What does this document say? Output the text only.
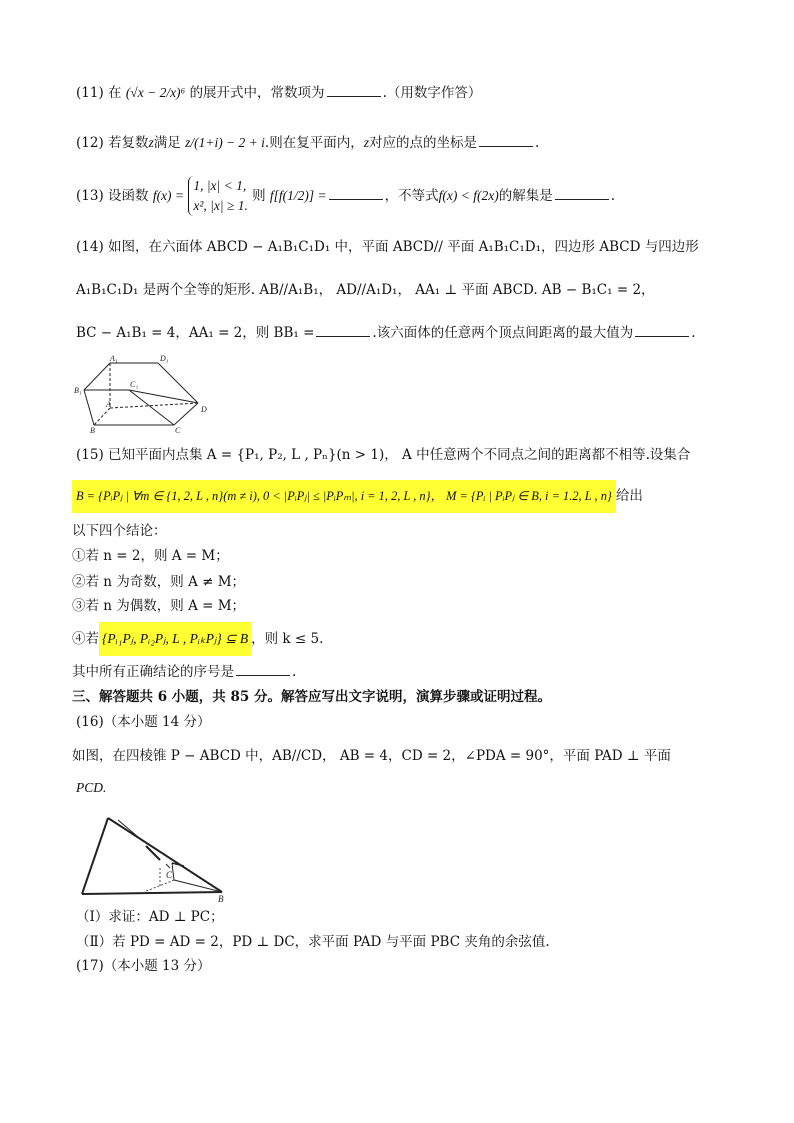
(11) 在 (√x − 2/x)⁶ 的展开式中，常数项为	.（用数字作答）
(12) 若复数z满足 z/(1+i) − 2 + i.则在复平面内，z对应的点的坐标是	.
(13) 设函数 f(x) =
1, |x| < 1,
x², |x| ≥ 1.
则 f[f(1/2)] =	，不等式f(x) < f(2x)的解集是	.
(14) 如图，在六面体 ABCD − A₁B₁C₁D₁ 中，平面 ABCD// 平面 A₁B₁C₁D₁，四边形 ABCD 与四边形
A₁B₁C₁D₁ 是两个全等的矩形. AB//A₁B₁， AD//A₁D₁， AA₁ ⊥ 平面 ABCD. AB − B₁C₁ = 2，
BC − A₁B₁ = 4，AA₁ = 2，则 BB₁ =	.该六面体的任意两个顶点间距离的最大值为	.
A₁	D₁
C₁
B₁
A
D
B	C
(15) 已知平面内点集 A = {P₁, P₂, L , Pₙ}(n > 1)， A 中任意两个不同点之间的距离都不相等.设集合
B = {PᵢPⱼ | ∀m ∈ {1, 2, L , n}(m ≠ i), 0 < |PᵢPⱼ| ≤ |PᵢPₘ|, i = 1, 2, L , n}， M = {Pᵢ | PᵢPⱼ ∈ B, i = 1.2, L , n} 给出
以下四个结论：
①若 n = 2，则 A = M；
②若 n 为奇数，则 A ≠ M；
③若 n 为偶数，则 A = M；
④若 {Pᵢ₁Pⱼ, Pᵢ₂Pⱼ, L , PᵢₖPⱼ} ⊆ B ，则 k ≤ 5.
其中所有正确结论的序号是	.
三、解答题共 6 小题，共 85 分。解答应写出文字说明，演算步骤或证明过程。
(16)（本小题 14 分）
如图，在四棱锥 P − ABCD 中，AB//CD， AB = 4，CD = 2，∠PDA = 90°，平面 PAD ⊥ 平面
PCD.
C
B
（Ⅰ）求证：AD ⊥ PC；
（Ⅱ）若 PD = AD = 2，PD ⊥ DC，求平面 PAD 与平面 PBC 夹角的余弦值.
(17)（本小题 13 分）
